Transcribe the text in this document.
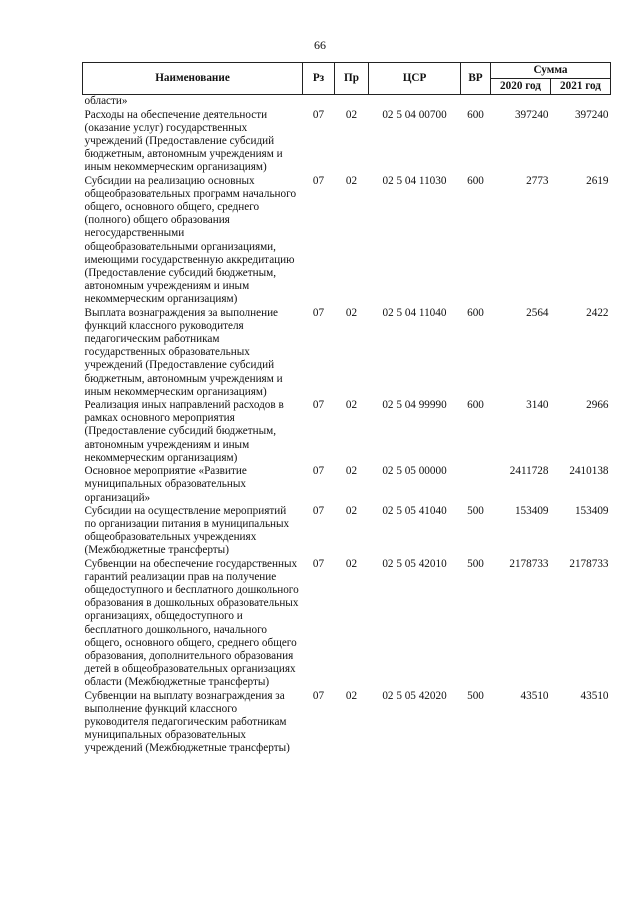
66
Наименование	Рз	Пр	ЦСР	ВР	Сумма	
					2020 год	2021 год
области»						
Расходы на обеспечение деятельности (оказание услуг) государственных учреждений (Предоставление субсидий бюджетным, автономным учреждениям и иным некоммерческим организациям)	07	02	02 5 04 00700	600	397240	397240
Субсидии на реализацию основных общеобразовательных программ начального общего, основного общего, среднего (полного) общего образования негосударственными общеобразовательными организациями, имеющими государственную аккредитацию (Предоставление субсидий бюджетным, автономным учреждениям и иным некоммерческим организациям)	07	02	02 5 04 11030	600	2773	2619
Выплата вознаграждения за выполнение функций классного руководителя педагогическим работникам государственных образовательных учреждений (Предоставление субсидий бюджетным, автономным учреждениям и иным некоммерческим организациям)	07	02	02 5 04 11040	600	2564	2422
Реализация иных направлений расходов в рамках основного мероприятия (Предоставление субсидий бюджетным, автономным учреждениям и иным некоммерческим организациям)	07	02	02 5 04 99990	600	3140	2966
Основное мероприятие «Развитие муниципальных образовательных организаций»	07	02	02 5 05 00000		2411728	2410138
Субсидии на осуществление мероприятий по организации питания в муниципальных общеобразовательных учреждениях (Межбюджетные трансферты)	07	02	02 5 05 41040	500	153409	153409
Субвенции на обеспечение государственных гарантий реализации прав на получение общедоступного и бесплатного дошкольного образования в дошкольных образовательных организациях, общедоступного и бесплатного дошкольного, начального общего, основного общего, среднего общего образования, дополнительного образования детей в общеобразовательных организациях области (Межбюджетные трансферты)	07	02	02 5 05 42010	500	2178733	2178733
Субвенции на выплату вознаграждения за выполнение функций классного руководителя педагогическим работникам муниципальных образовательных учреждений (Межбюджетные трансферты)	07	02	02 5 05 42020	500	43510	43510
